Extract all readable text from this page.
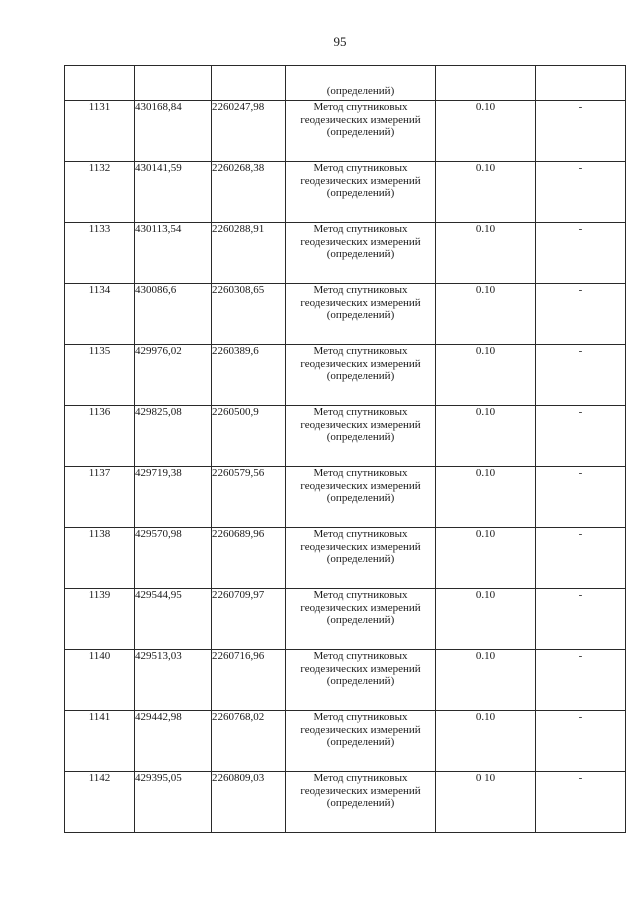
95

			(определений)		

1131	430168,84	2260247,98	Метод спутниковых
геодезических измерений
(определений)	0.10	-
1132	430141,59	2260268,38	Метод спутниковых
геодезических измерений
(определений)	0.10	-
1133	430113,54	2260288,91	Метод спутниковых
геодезических измерений
(определений)	0.10	-
1134	430086,6	2260308,65	Метод спутниковых
геодезических измерений
(определений)	0.10	-
1135	429976,02	2260389,6	Метод спутниковых
геодезических измерений
(определений)	0.10	-
1136	429825,08	2260500,9	Метод спутниковых
геодезических измерений
(определений)	0.10	-
1137	429719,38	2260579,56	Метод спутниковых
геодезических измерений
(определений)	0.10	-
1138	429570,98	2260689,96	Метод спутниковых
геодезических измерений
(определений)	0.10	-
1139	429544,95	2260709,97	Метод спутниковых
геодезических измерений
(определений)	0.10	-
1140	429513,03	2260716,96	Метод спутниковых
геодезических измерений
(определений)	0.10	-
1141	429442,98	2260768,02	Метод спутниковых
геодезических измерений
(определений)	0.10	-
1142	429395,05	2260809,03	Метод спутниковых
геодезических измерений
(определений)	0 10	-
